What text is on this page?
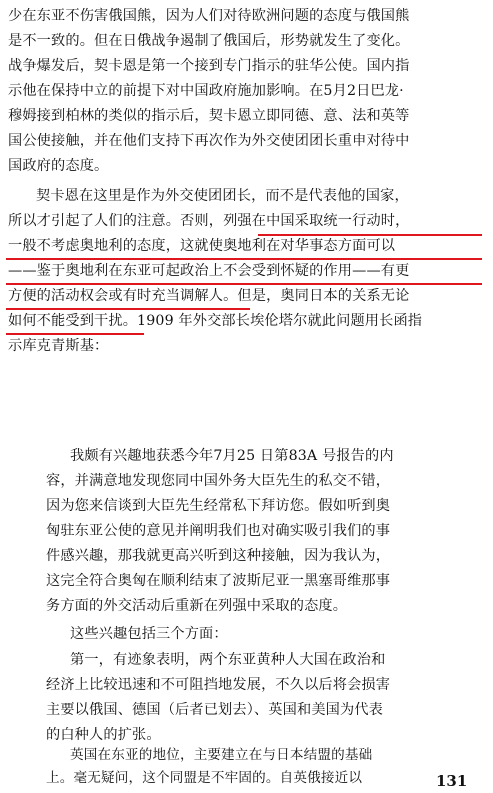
少在东亚不伤害俄国熊，因为人们对待欧洲问题的态度与俄国熊
是不一致的。但在日俄战争遏制了俄国后，形势就发生了变化。
战争爆发后，契卡恩是第一个接到专门指示的驻华公使。国内指
示他在保持中立的前提下对中国政府施加影响。在5月2日巴龙·
穆姆接到柏林的类似的指示后，契卡恩立即同德、意、法和英等
国公使接触，并在他们支持下再次作为外交使团团长重申对待中
国政府的态度。
契卡恩在这里是作为外交使团团长，而不是代表他的国家，
所以才引起了人们的注意。否则，列强在中国采取统一行动时，
一般不考虑奥地利的态度，这就使奥地利在对华事态方面可以
——鉴于奥地利在东亚可起政治上不会受到怀疑的作用——有更
方便的活动权会或有时充当调解人。但是，奥同日本的关系无论
如何不能受到干扰。1909 年外交部长埃伦塔尔就此问题用长函指
示库克青斯基：
我颇有兴趣地获悉今年7月25 日第83A 号报告的内
容，并满意地发现您同中国外务大臣先生的私交不错，
因为您来信谈到大臣先生经常私下拜访您。假如听到奥
匈驻东亚公使的意见并阐明我们也对确实吸引我们的事
件感兴趣，那我就更高兴听到这种接触，因为我认为，
这完全符合奥匈在顺利结束了波斯尼亚一黑塞哥维那事
务方面的外交活动后重新在列强中采取的态度。
这些兴趣包括三个方面：
第一，有迹象表明，两个东亚黄种人大国在政治和
经济上比较迅速和不可阻挡地发展，不久以后将会损害
主要以俄国、德国（后者已划去）、英国和美国为代表
的白种人的扩张。
英国在东亚的地位，主要建立在与日本结盟的基础
上。毫无疑问，这个同盟是不牢固的。自英俄接近以	131
